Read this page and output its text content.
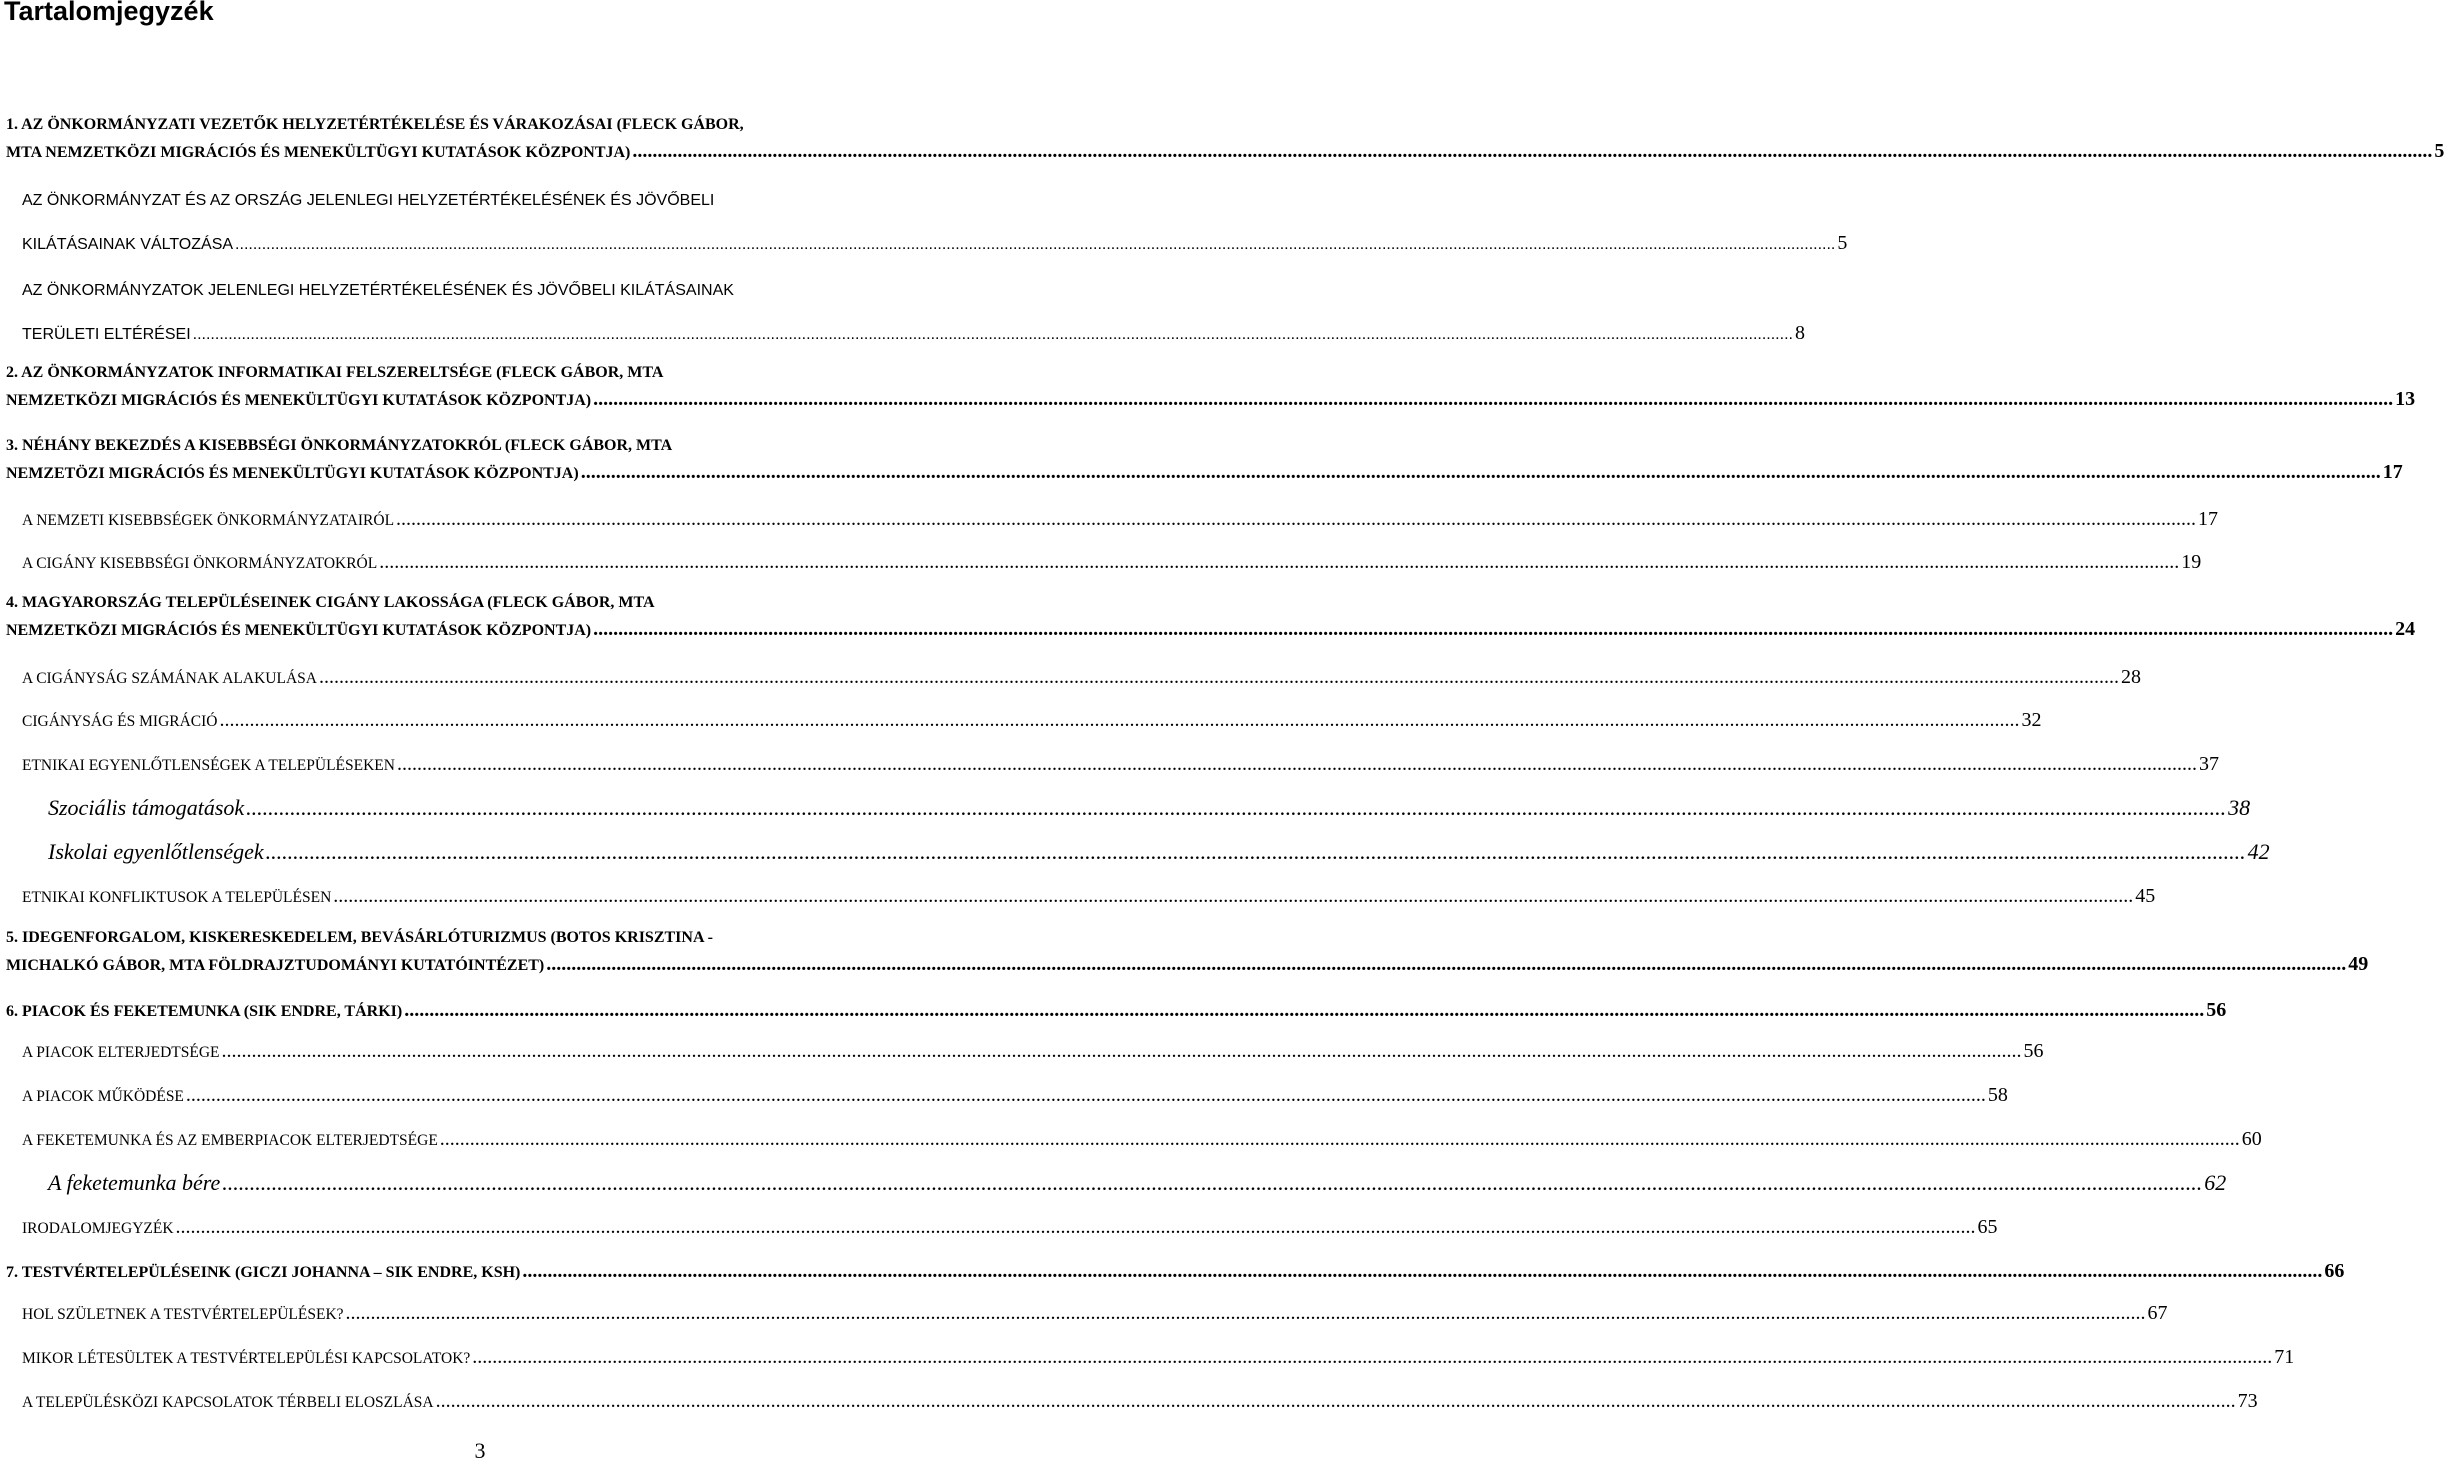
Tartalomjegyzék
1. AZ ÖNKORMÁNYZATI VEZETŐK HELYZETÉRTÉKELÉSE ÉS VÁRAKOZÁSAI (FLECK GÁBOR,
MTA NEMZETKÖZI MIGRÁCIÓS ÉS MENEKÜLTÜGYI KUTATÁSOK KÖZPONTJA) .....	5
AZ ÖNKORMÁNYZAT ÉS AZ ORSZÁG JELENLEGI HELYZETÉRTÉKELÉSÉNEK ÉS JÖVŐBELI
KILÁTÁSAINAK VÁLTOZÁSA .....	5
AZ ÖNKORMÁNYZATOK JELENLEGI HELYZETÉRTÉKELÉSÉNEK ÉS JÖVŐBELI KILÁTÁSAINAK
TERÜLETI ELTÉRÉSEI .....	8
2. AZ ÖNKORMÁNYZATOK INFORMATIKAI FELSZERELTSÉGE (FLECK GÁBOR, MTA
NEMZETKÖZI MIGRÁCIÓS ÉS MENEKÜLTÜGYI KUTATÁSOK KÖZPONTJA) .....	13
3. NÉHÁNY BEKEZDÉS A KISEBBSÉGI ÖNKORMÁNYZATOKRÓL (FLECK GÁBOR, MTA
NEMZETÖZI MIGRÁCIÓS ÉS MENEKÜLTÜGYI KUTATÁSOK KÖZPONTJA) .....	17
A NEMZETI KISEBBSÉGEK ÖNKORMÁNYZATAIRÓL .....	17
A CIGÁNY KISEBBSÉGI ÖNKORMÁNYZATOKRÓL .....	19
4. MAGYARORSZÁG TELEPÜLÉSEINEK CIGÁNY LAKOSSÁGA (FLECK GÁBOR, MTA
NEMZETKÖZI MIGRÁCIÓS ÉS MENEKÜLTÜGYI KUTATÁSOK KÖZPONTJA) .....	24
A CIGÁNYSÁG SZÁMÁNAK ALAKULÁSA .....	28
CIGÁNYSÁG ÉS MIGRÁCIÓ .....	32
ETNIKAI EGYENLŐTLENSÉGEK A TELEPÜLÉSEKEN .....	37
Szociális támogatások .....	38
Iskolai egyenlőtlenségek .....	42
ETNIKAI KONFLIKTUSOK A TELEPÜLÉSEN .....	45
5. IDEGENFORGALOM, KISKERESKEDELEM, BEVÁSÁRLÓTURIZMUS (BOTOS KRISZTINA -
MICHALKÓ GÁBOR, MTA FÖLDRAJZTUDOMÁNYI KUTATÓINTÉZET) .....	49
6. PIACOK ÉS FEKETEMUNKA (SIK ENDRE, TÁRKI) .....	56
A PIACOK ELTERJEDTSÉGE .....	56
A PIACOK MŰKÖDÉSE .....	58
A FEKETEMUNKA ÉS AZ EMBERPIACOK ELTERJEDTSÉGE .....	60
A feketemunka bére .....	62
IRODALOMJEGYZÉK .....	65
7. TESTVÉRTELEPÜLÉSEINK (GICZI JOHANNA – SIK ENDRE, KSH) .....	66
HOL SZÜLETNEK A TESTVÉRTELEPÜLÉSEK? .....	67
MIKOR LÉTESÜLTEK A TESTVÉRTELEPÜLÉSI KAPCSOLATOK? .....	71
A TELEPÜLÉSKÖZI KAPCSOLATOK TÉRBELI ELOSZLÁSA .....	73
3
